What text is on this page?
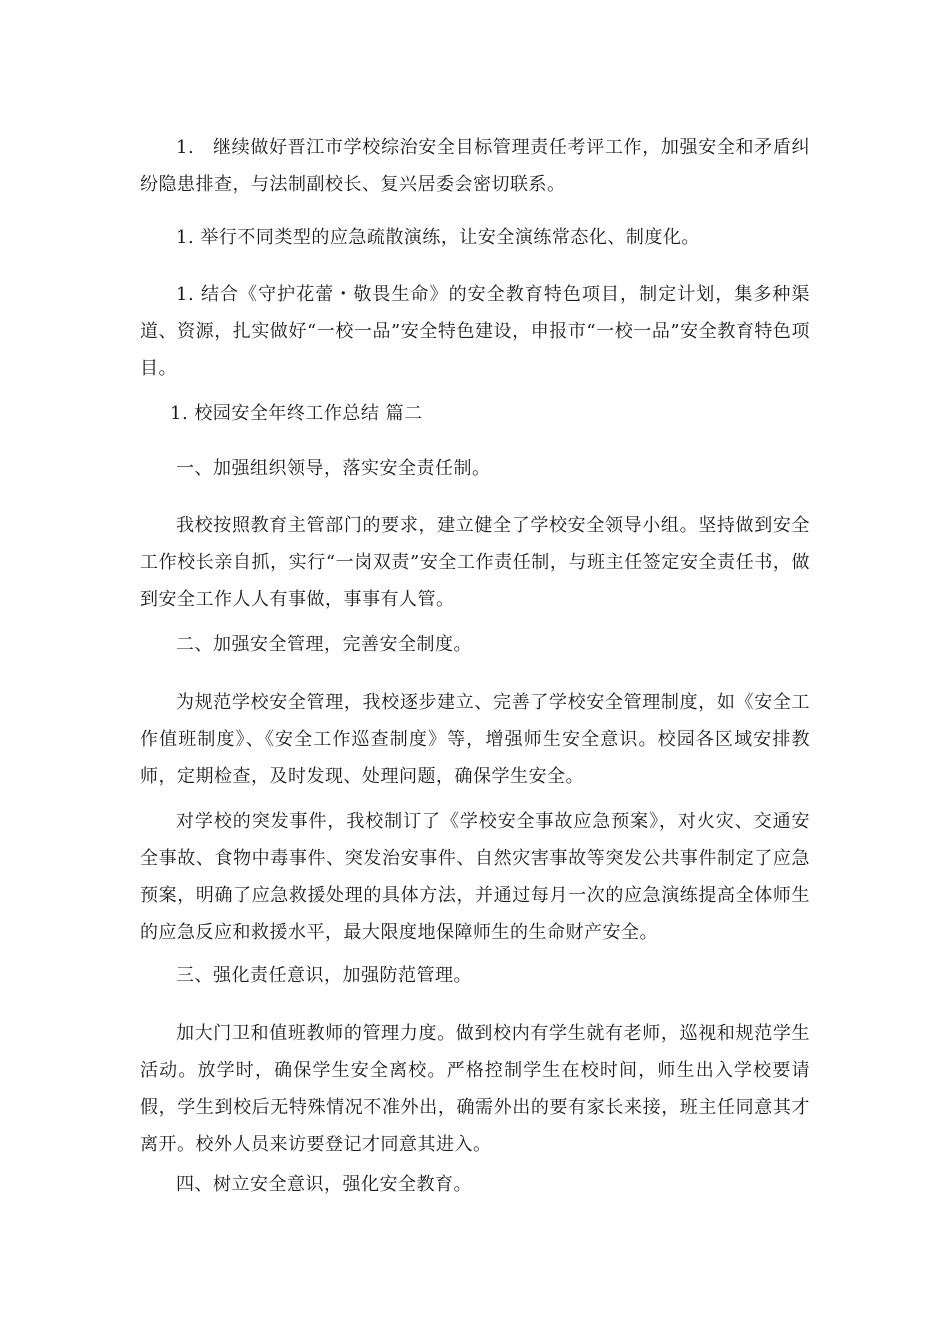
1.　继续做好晋江市学校综治安全目标管理责任考评工作，加强安全和矛盾纠纷隐患排查，与法制副校长、复兴居委会密切联系。

1. 举行不同类型的应急疏散演练，让安全演练常态化、制度化。

1. 结合《守护花蕾・敬畏生命》的安全教育特色项目，制定计划，集多种渠道、资源，扎实做好“一校一品”安全特色建设，申报市“一校一品”安全教育特色项目。

1. 校园安全年终工作总结 篇二

一、加强组织领导，落实安全责任制。

我校按照教育主管部门的要求，建立健全了学校安全领导小组。坚持做到安全工作校长亲自抓，实行“一岗双责”安全工作责任制，与班主任签定安全责任书，做到安全工作人人有事做，事事有人管。

二、加强安全管理，完善安全制度。

为规范学校安全管理，我校逐步建立、完善了学校安全管理制度，如《安全工作值班制度》、《安全工作巡查制度》等，增强师生安全意识。校园各区域安排教师，定期检查，及时发现、处理问题，确保学生安全。

对学校的突发事件，我校制订了《学校安全事故应急预案》，对火灾、交通安全事故、食物中毒事件、突发治安事件、自然灾害事故等突发公共事件制定了应急预案，明确了应急救援处理的具体方法，并通过每月一次的应急演练提高全体师生的应急反应和救援水平，最大限度地保障师生的生命财产安全。

三、强化责任意识，加强防范管理。

加大门卫和值班教师的管理力度。做到校内有学生就有老师，巡视和规范学生活动。放学时，确保学生安全离校。严格控制学生在校时间，师生出入学校要请假，学生到校后无特殊情况不准外出，确需外出的要有家长来接，班主任同意其才离开。校外人员来访要登记才同意其进入。

四、树立安全意识，强化安全教育。
